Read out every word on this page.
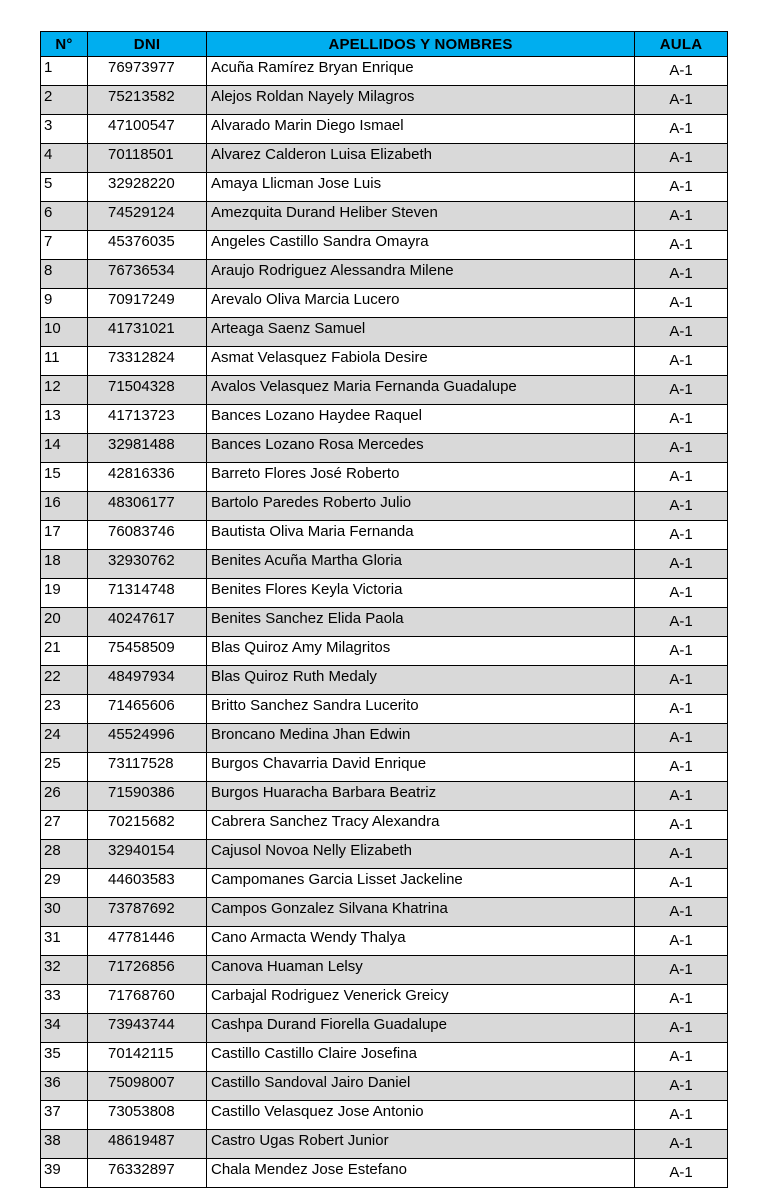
N°	DNI	APELLIDOS Y NOMBRES	AULA
1	76973977	Acuña Ramírez Bryan Enrique	A-1
2	75213582	Alejos Roldan Nayely Milagros	A-1
3	47100547	Alvarado Marin Diego Ismael	A-1
4	70118501	Alvarez Calderon Luisa Elizabeth	A-1
5	32928220	Amaya Llicman Jose Luis	A-1
6	74529124	Amezquita Durand Heliber Steven	A-1
7	45376035	Angeles Castillo Sandra Omayra	A-1
8	76736534	Araujo Rodriguez Alessandra Milene	A-1
9	70917249	Arevalo Oliva Marcia Lucero	A-1
10	41731021	Arteaga Saenz Samuel	A-1
11	73312824	Asmat Velasquez Fabiola Desire	A-1
12	71504328	Avalos Velasquez Maria Fernanda Guadalupe	A-1
13	41713723	Bances Lozano Haydee Raquel	A-1
14	32981488	Bances Lozano Rosa Mercedes	A-1
15	42816336	Barreto Flores José Roberto	A-1
16	48306177	Bartolo Paredes Roberto Julio	A-1
17	76083746	Bautista Oliva Maria Fernanda	A-1
18	32930762	Benites Acuña Martha Gloria	A-1
19	71314748	Benites Flores Keyla Victoria	A-1
20	40247617	Benites Sanchez Elida Paola	A-1
21	75458509	Blas Quiroz Amy Milagritos	A-1
22	48497934	Blas Quiroz Ruth Medaly	A-1
23	71465606	Britto Sanchez Sandra Lucerito	A-1
24	45524996	Broncano Medina Jhan Edwin	A-1
25	73117528	Burgos Chavarria David Enrique	A-1
26	71590386	Burgos Huaracha Barbara Beatriz	A-1
27	70215682	Cabrera Sanchez Tracy Alexandra	A-1
28	32940154	Cajusol Novoa Nelly Elizabeth	A-1
29	44603583	Campomanes Garcia Lisset Jackeline	A-1
30	73787692	Campos Gonzalez Silvana Khatrina	A-1
31	47781446	Cano Armacta Wendy Thalya	A-1
32	71726856	Canova Huaman Lelsy	A-1
33	71768760	Carbajal Rodriguez Venerick Greicy	A-1
34	73943744	Cashpa Durand Fiorella Guadalupe	A-1
35	70142115	Castillo Castillo Claire Josefina	A-1
36	75098007	Castillo Sandoval Jairo Daniel	A-1
37	73053808	Castillo Velasquez Jose Antonio	A-1
38	48619487	Castro Ugas Robert Junior	A-1
39	76332897	Chala Mendez Jose Estefano	A-1
